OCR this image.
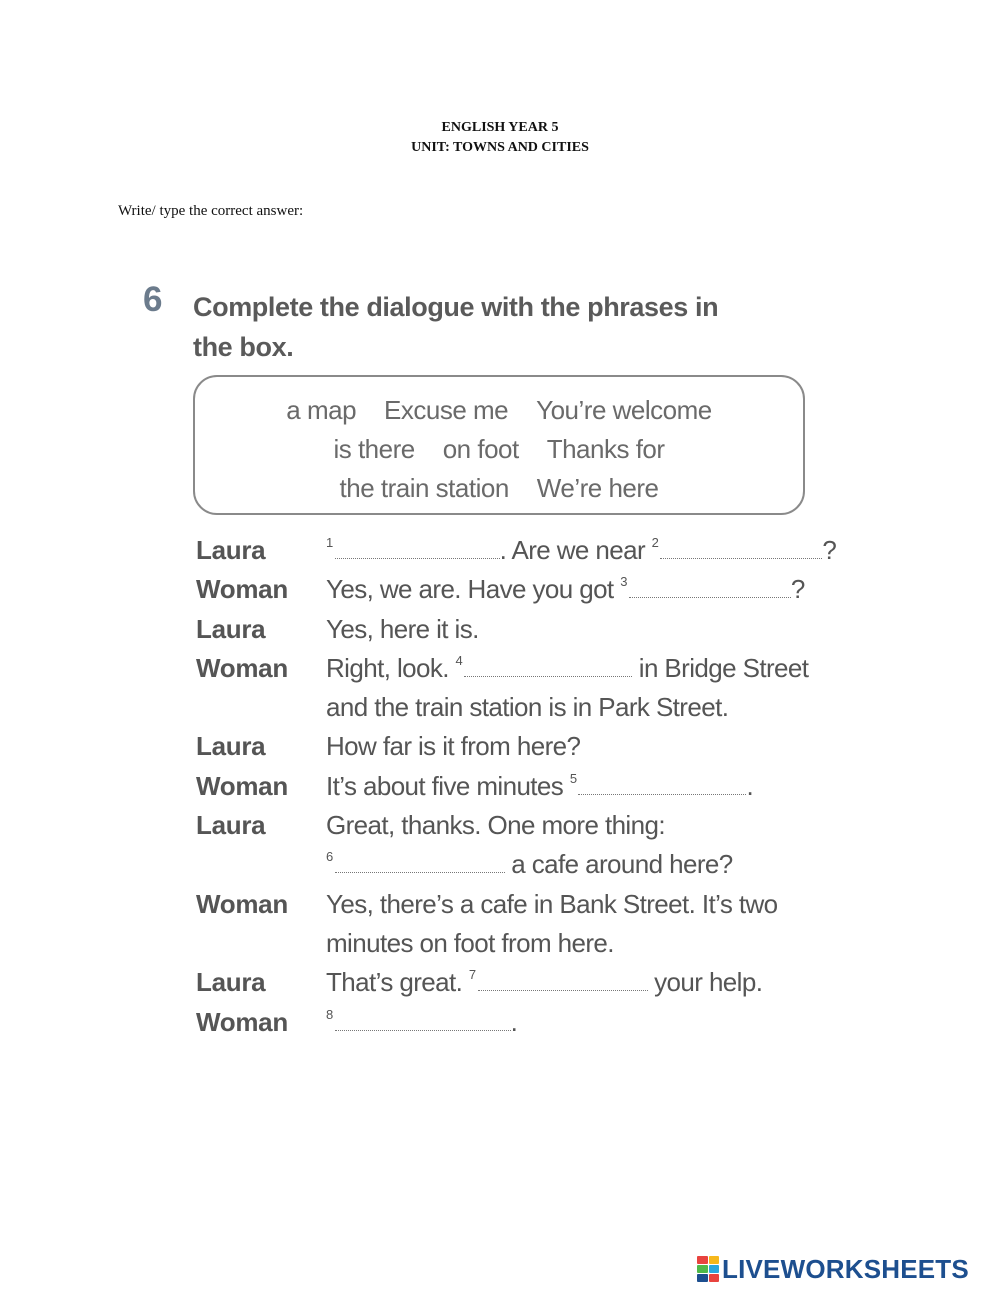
ENGLISH YEAR 5
UNIT: TOWNS AND CITIES
Write/ type the correct answer:
6 Complete the dialogue with the phrases in
the box.
a map Excuse me You’re welcome
is there on foot Thanks for
the train station We’re here
Laura	$^1$	. Are we near $^2$	?
Woman Yes, we are. Have you got $^3$	?
Laura Yes, here it is.
Woman Right, look. $^4$	in Bridge Street
and the train station is in Park Street.
Laura How far is it from here?
Woman It’s about five minutes $^5$	.
Laura Great, thanks. One more thing:
$^6$	a cafe around here?
Woman Yes, there’s a cafe in Bank Street. It’s two
minutes on foot from here.
Laura That’s great. $^7$	your help.
Woman	$^8$	.
LIVEWORKSHEETS
